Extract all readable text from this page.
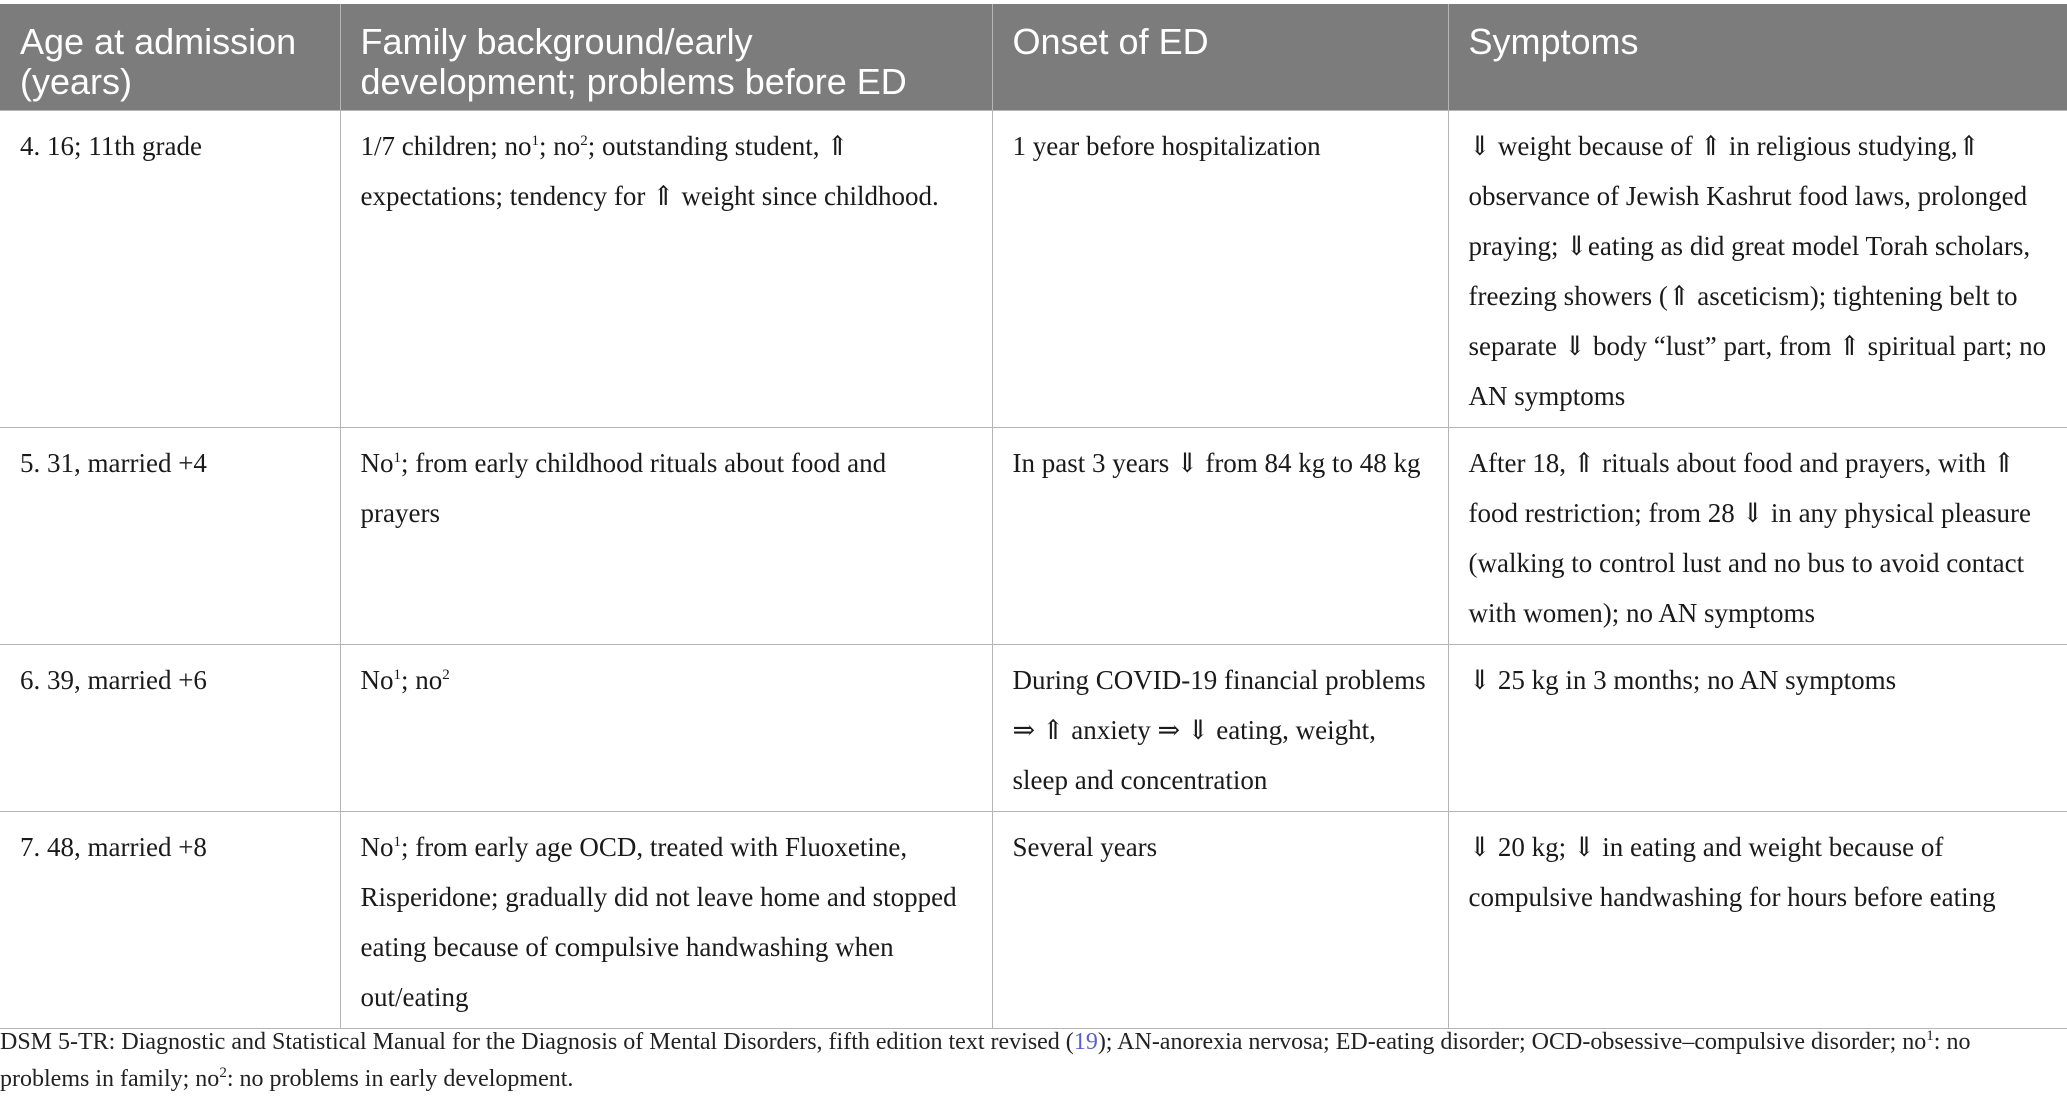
Age at admission (years)	Family background/early development; problems before ED	Onset of ED	Symptoms
4. 16; 11th grade	1/7 children; $no^1$; $no^2$; outstanding student, ⇑ expectations; tendency for ⇑ weight since childhood.	1 year before hospitalization	⇓ weight because of ⇑ in religious studying,⇑ observance of Jewish Kashrut food laws, prolonged praying; ⇓eating as did great model Torah scholars, freezing showers (⇑ asceticism); tightening belt to separate ⇓ body “lust” part, from ⇑ spiritual part; no AN symptoms
5. 31, married +4	No$^1$; from early childhood rituals about food and prayers	In past 3 years ⇓ from 84 kg to 48 kg	After 18, ⇑ rituals about food and prayers, with ⇑ food restriction; from 28 ⇓ in any physical pleasure (walking to control lust and no bus to avoid contact with women); no AN symptoms
6. 39, married +6	No$^1$; $no^2$	During COVID-19 financial problems ⇒ ⇑ anxiety ⇒ ⇓ eating, weight, sleep and concentration	⇓ 25 kg in 3 months; no AN symptoms
7. 48, married +8	No$^1$; from early age OCD, treated with Fluoxetine, Risperidone; gradually did not leave home and stopped eating because of compulsive handwashing when out/eating	Several years	⇓ 20 kg; ⇓ in eating and weight because of compulsive handwashing for hours before eating
DSM 5-TR: Diagnostic and Statistical Manual for the Diagnosis of Mental Disorders, fifth edition text revised (19); AN-anorexia nervosa; ED-eating disorder; OCD-obsessive–compulsive disorder; $no^1$: no problems in family; $no^2$: no problems in early development.
